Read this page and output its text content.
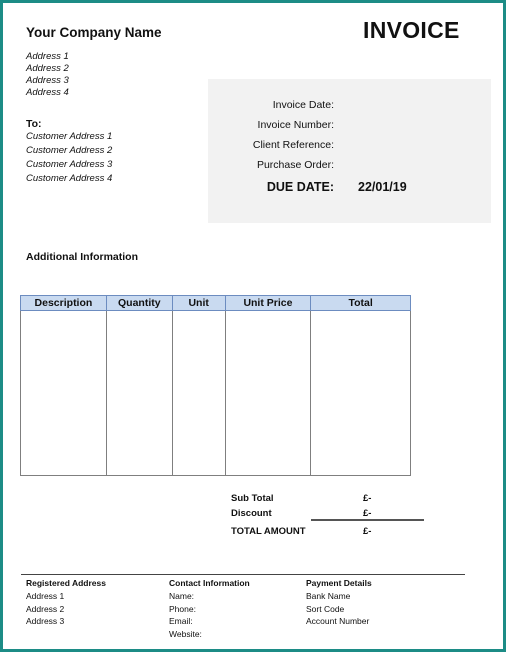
Your Company Name	INVOICE
Address 1
Address 2
Address 3
Address 4
To:
Customer Address 1
Customer Address 2
Customer Address 3
Customer Address 4
Invoice Date:
Invoice Number:
Client Reference:
Purchase Order:
DUE DATE: 22/01/19
Additional Information
Description	Quantity	Unit	Unit Price	Total

Sub Total	£-
Discount	£-
TOTAL AMOUNT	£-
Registered Address
Address 1
Address 2
Address 3
Contact Information
Name:
Phone:
Email:
Website:
Payment Details
Bank Name
Sort Code
Account Number
